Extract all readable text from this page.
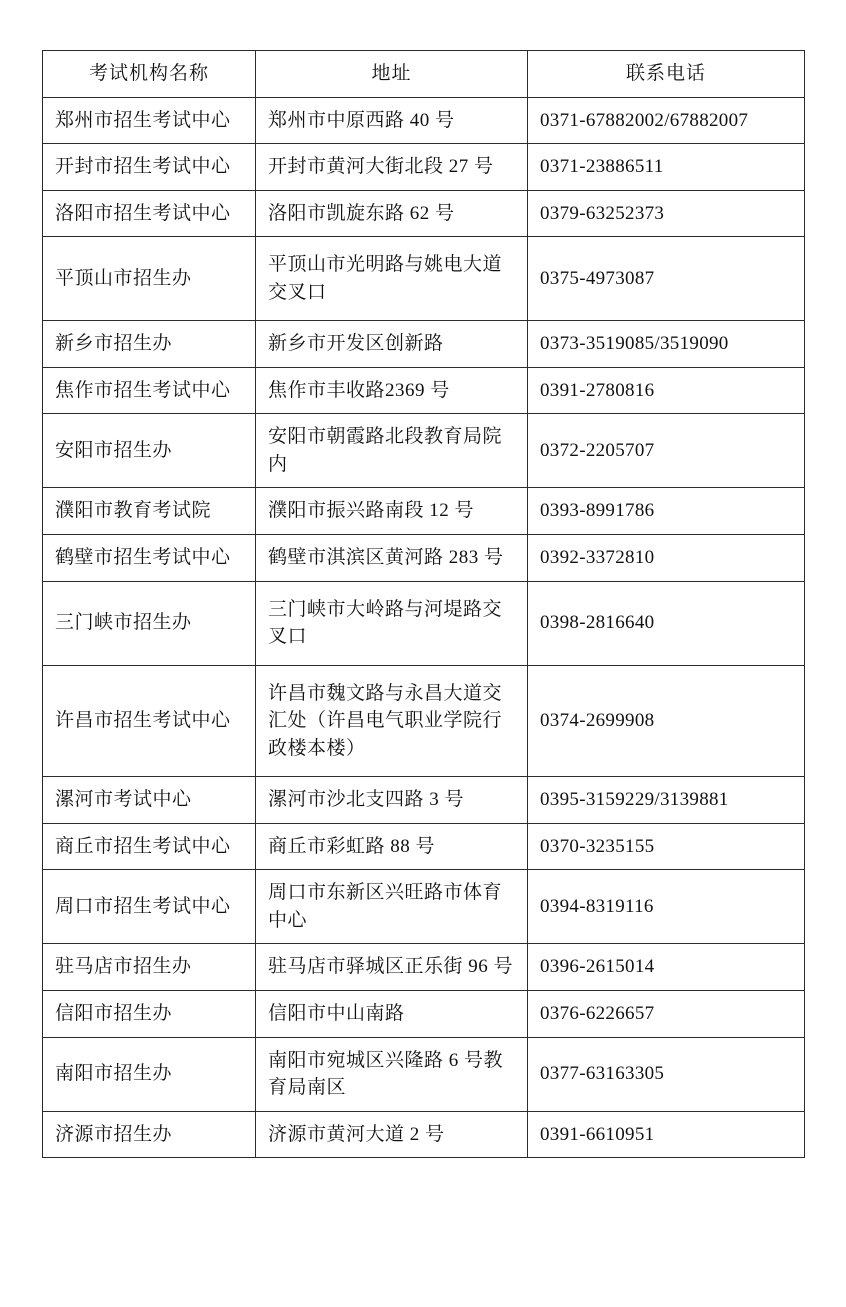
考试机构名称	地址	联系电话
郑州市招生考试中心	郑州市中原西路 40 号	0371-67882002/67882007
开封市招生考试中心	开封市黄河大街北段 27 号	0371-23886511
洛阳市招生考试中心	洛阳市凯旋东路 62 号	0379-63252373
平顶山市招生办	平顶山市光明路与姚电大道交叉口	0375-4973087
新乡市招生办	新乡市开发区创新路	0373-3519085/3519090
焦作市招生考试中心	焦作市丰收路2369 号	0391-2780816
安阳市招生办	安阳市朝霞路北段教育局院内	0372-2205707
濮阳市教育考试院	濮阳市振兴路南段 12 号	0393-8991786
鹤壁市招生考试中心	鹤壁市淇滨区黄河路 283 号	0392-3372810
三门峡市招生办	三门峡市大岭路与河堤路交叉口	0398-2816640
许昌市招生考试中心	许昌市魏文路与永昌大道交汇处（许昌电气职业学院行政楼本楼）	0374-2699908
漯河市考试中心	漯河市沙北支四路 3 号	0395-3159229/3139881
商丘市招生考试中心	商丘市彩虹路 88 号	0370-3235155
周口市招生考试中心	周口市东新区兴旺路市体育中心	0394-8319116
驻马店市招生办	驻马店市驿城区正乐街 96 号	0396-2615014
信阳市招生办	信阳市中山南路	0376-6226657
南阳市招生办	南阳市宛城区兴隆路 6 号教育局南区	0377-63163305
济源市招生办	济源市黄河大道 2 号	0391-6610951
